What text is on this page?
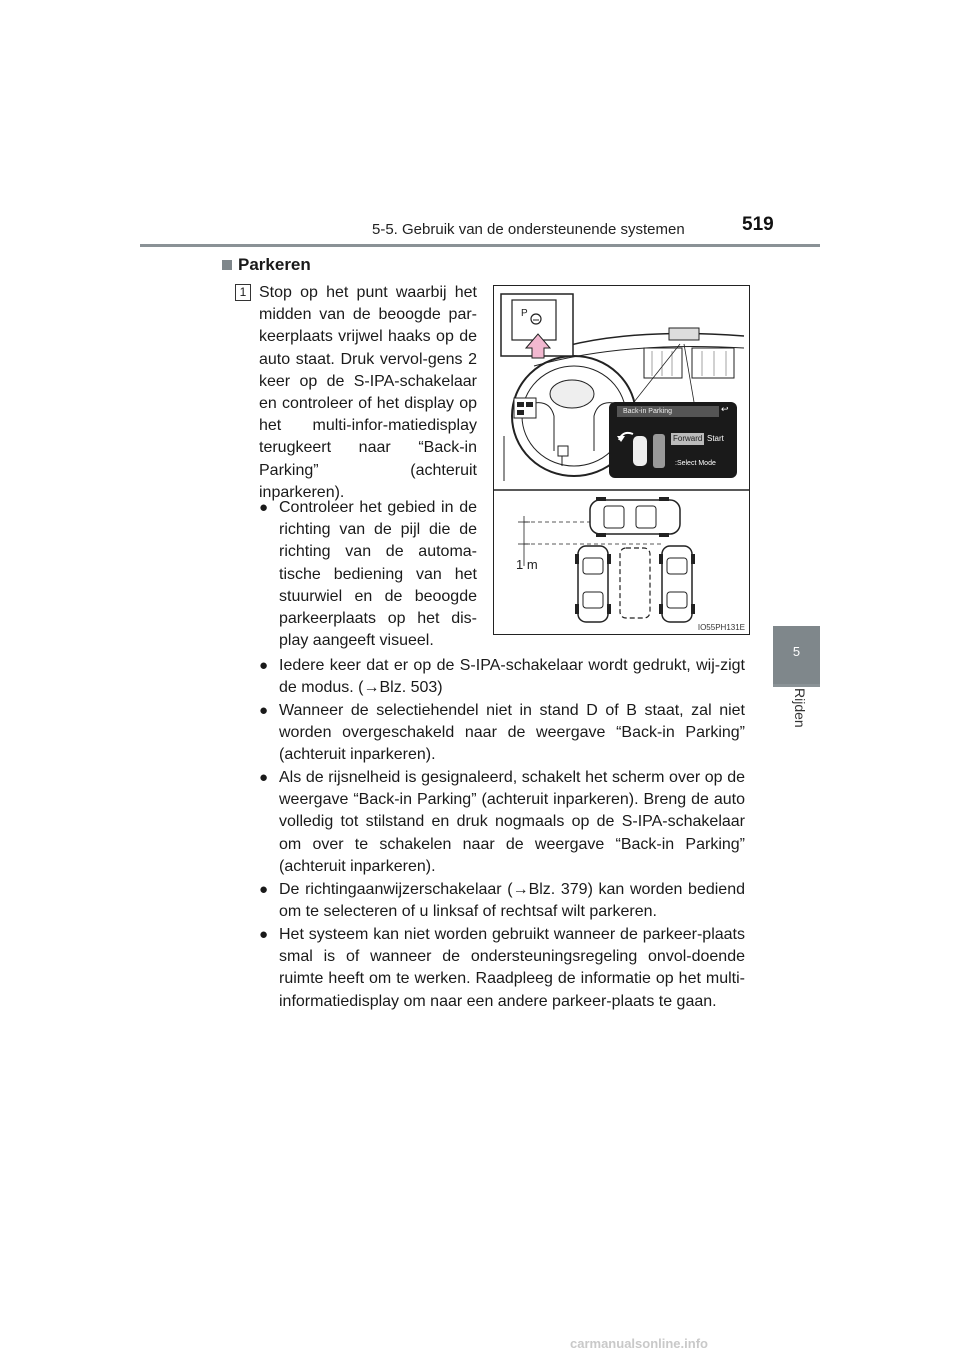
5-5. Gebruik van de ondersteunende systemen	519
5
Rijden
Parkeren
1 Stop op het punt waarbij het midden van de beoogde par-keerplaats vrijwel haaks op de auto staat. Druk vervol-gens 2 keer op de S-IPA-schakelaar en controleer of het display op het multi-infor-matiedisplay terugkeert naar “Back-in Parking” (achteruit inparkeren).
● Controleer het gebied in de richting van de pijl die de richting van de automa-tische bediening van het stuurwiel en de beoogde parkeerplaats op het dis-play aangeeft visueel.
● Iedere keer dat er op de S-IPA-schakelaar wordt gedrukt, wij-zigt de modus. (→Blz. 503)
● Wanneer de selectiehendel niet in stand D of B staat, zal niet worden overgeschakeld naar de weergave “Back-in Parking” (achteruit inparkeren).
● Als de rijsnelheid is gesignaleerd, schakelt het scherm over op de weergave “Back-in Parking” (achteruit inparkeren). Breng de auto volledig tot stilstand en druk nogmaals op de S-IPA-schakelaar om over te schakelen naar de weergave “Back-in Parking” (achteruit inparkeren).
● De richtingaanwijzerschakelaar (→Blz. 379) kan worden bediend om te selecteren of u linksaf of rechtsaf wilt parkeren.
● Het systeem kan niet worden gebruikt wanneer de parkeer-plaats smal is of wanneer de ondersteuningsregeling onvol-doende ruimte heeft om te werken. Raadpleeg de informatie op het multi-informatiedisplay om naar een andere parkeer-plaats te gaan.
P
Back-in Parking	↩
Forward Start
:Select Mode
1 m
IO55PH131E
carmanualsonline.info
